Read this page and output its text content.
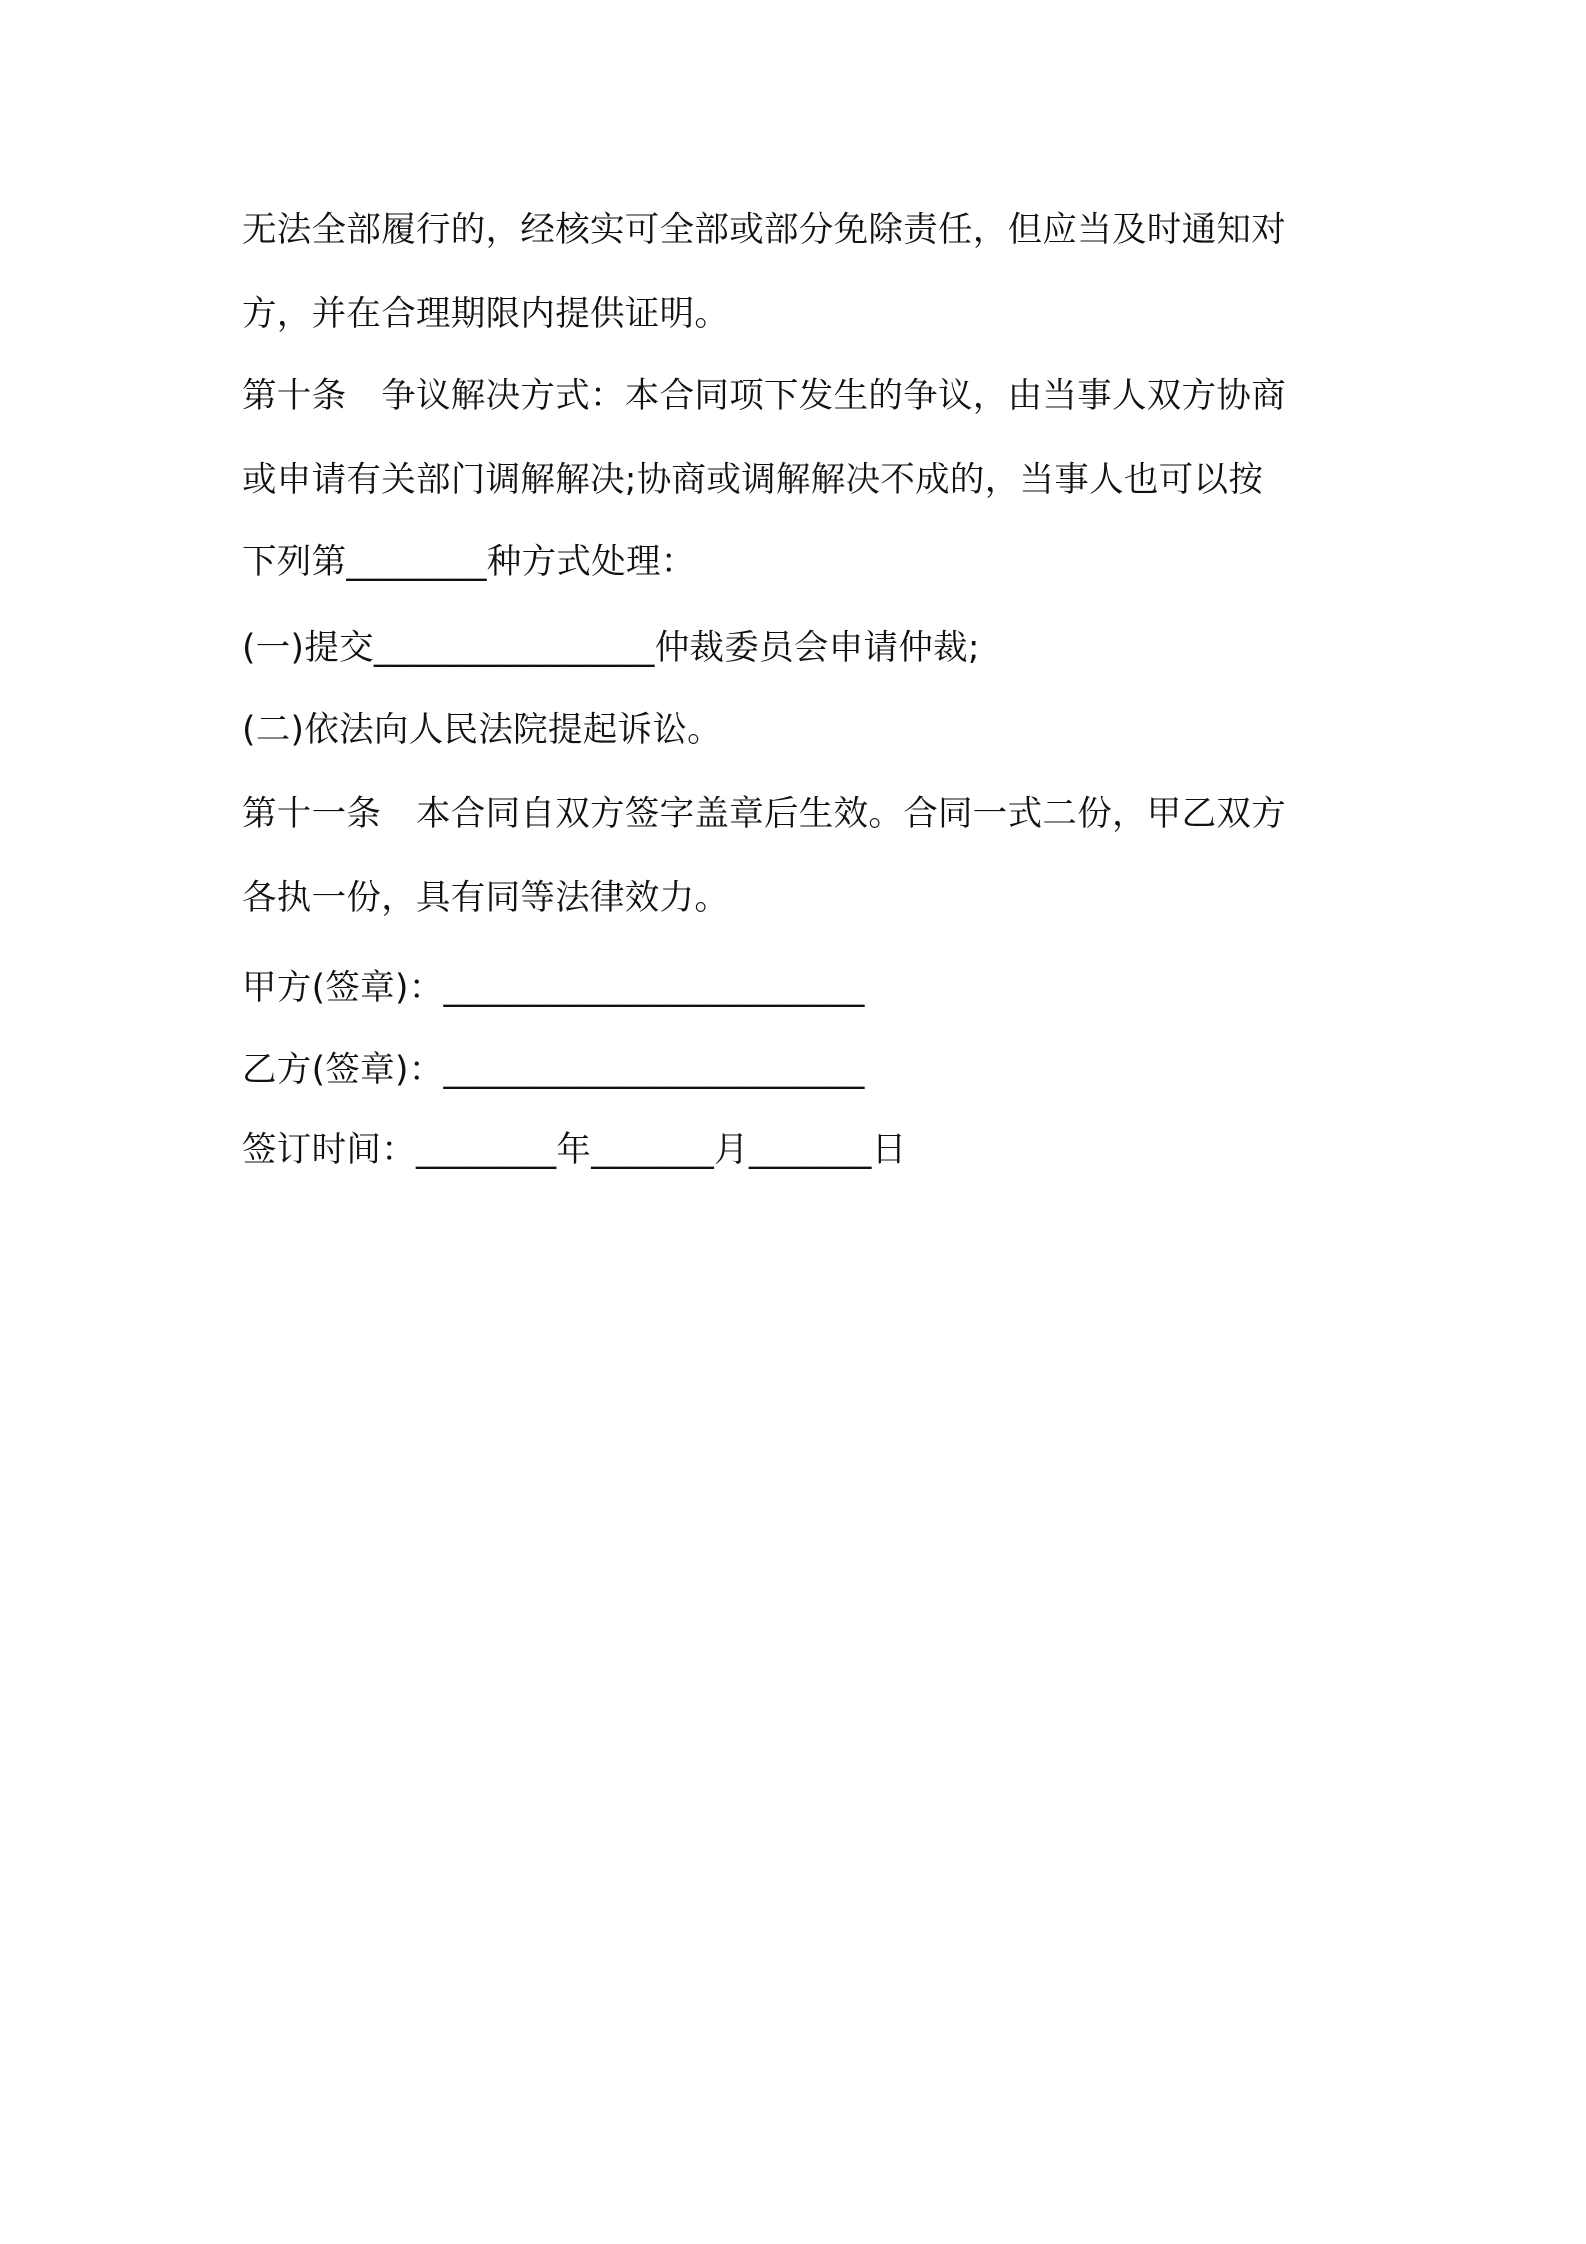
无法全部履行的，经核实可全部或部分免除责任，但应当及时通知对
方，并在合理期限内提供证明。
第十条　争议解决方式：本合同项下发生的争议，由当事人双方协商
或申请有关部门调解解决;协商或调解解决不成的，当事人也可以按
下列第________种方式处理：
(一)提交________________仲裁委员会申请仲裁;
(二)依法向人民法院提起诉讼。
第十一条　本合同自双方签字盖章后生效。合同一式二份，甲乙双方
各执一份，具有同等法律效力。
甲方(签章)：________________________
乙方(签章)：________________________
签订时间：________年_______月_______日
